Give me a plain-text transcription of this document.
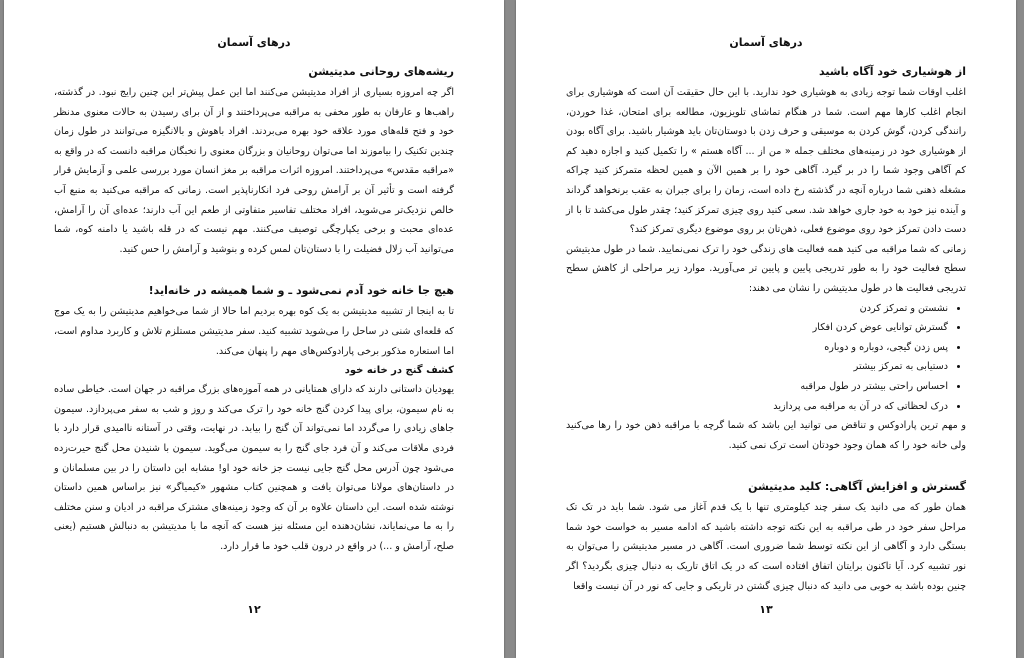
درهای آسمان
ریشه‌های روحانی مدیتیشن

اگر چه امروزه بسیاری از افراد مدیتیشن می‌کنند اما این عمل پیش‌تر این چنین رایج نبود. در گذشته، راهب‌ها و عارفان به طور مخفی به مراقبه می‌پرداختند و از آن برای رسیدن به حالات معنوی مدنظر خود و فتح قله‌های مورد علاقه خود بهره می‌بردند. افراد باهوش و بالانگیزه می‌توانند در طول زمان چندین تکنیک را بیاموزند اما می‌توان روحانیان و بزرگان معنوی را نخبگان مراقبه دانست که در واقع به «مراقبه مقدس» می‌پرداختند. امروزه اثرات مراقبه بر مغز انسان مورد بررسی علمی و آزمایش قرار گرفته است و تأثیر آن بر آرامش روحی فرد انکارناپذیر است. زمانی که مراقبه می‌کنید به منبع آب خالص نزدیک‌تر می‌شوید، افراد مختلف تفاسیر متفاوتی از طعم این آب دارند؛ عده‌ای آن را آرامش، عده‌ای محبت و برخی یکپارچگی توصیف می‌کنند. مهم نیست که در قله باشید یا دامنه کوه، شما می‌توانید آب زلال فضیلت را با دستان‌تان لمس کرده و بنوشید و آرامش را حس کنید.

هیچ جا خانه خود آدم نمی‌شود ـ و شما همیشه در خانه‌اید!

تا به اینجا از تشبیه مدیتیشن به یک کوه بهره بردیم اما حالا از شما می‌خواهیم مدیتیشن را به یک موج که قلعه‌ای شنی در ساحل را می‌شوید تشبیه کنید. سفر مدیتیشن مستلزم تلاش و کاربرد مداوم است، اما استعاره مذکور برخی پارادوکس‌های مهم را پنهان می‌کند.

کشف گنج در خانه خود

یهودیان داستانی دارند که دارای همتایانی در همه آموزه‌های بزرگ مراقبه در جهان است. خیاطی ساده به نام سیمون، برای پیدا کردن گنج خانه خود را ترک می‌کند و روز و شب به سفر می‌پردازد. سیمون جاهای زیادی را می‌گردد اما نمی‌تواند آن گنج را بیابد. در نهایت، وقتی در آستانه ناامیدی قرار دارد با فردی ملاقات می‌کند و آن فرد جای گنج را به سیمون می‌گوید. سیمون با شنیدن محل گنج حیرت‌زده می‌شود چون آدرس محل گنج جایی نیست جز خانه خود او! مشابه این داستان را در بین مسلمانان و در داستان‌های مولانا می‌توان یافت و همچنین کتاب مشهور «کیمیاگر» نیز براساس همین داستان نوشته شده است. این داستان علاوه بر آن که وجود زمینه‌های مشترک مراقبه در ادیان و سنن مختلف را به ما می‌نمایاند، نشان‌دهنده این مسئله نیز هست که آنچه ما با مدیتیشن به دنبالش هستیم (یعنی صلح، آرامش و ...) در واقع در درون قلب خود ما قرار دارد.

۱۲
درهای آسمان
از هوشیاری خود آگاه باشید

اغلب اوقات شما توجه زیادی به هوشیاری خود ندارید. با این حال حقیقت آن است که هوشیاری برای انجام اغلب کارها مهم است. شما در هنگام تماشای تلویزیون، مطالعه برای امتحان، غذا خوردن، رانندگی کردن، گوش کردن به موسیقی و حرف زدن با دوستان‌تان باید هوشیار باشید. برای آگاه بودن از هوشیاری خود در زمینه‌های مختلف جمله « من از ... آگاه هستم » را تکمیل کنید و اجازه دهید کم کم آگاهی وجود شما را در بر گیرد. آگاهی خود را بر همین الآن و همین لحظه متمرکز کنید چراکه مشغله ذهنی شما درباره آنچه در گذشته رخ داده است، زمان را برای جبران به عقب برنخواهد گرداند و آینده نیز خود به خود جاری خواهد شد. سعی کنید روی چیزی تمرکز کنید؛ چقدر طول می‌کشد تا با از دست دادن تمرکز خود روی موضوع فعلی، ذهن‌تان بر روی موضوع دیگری تمرکز کند؟

زمانی که شما مراقبه می کنید همه فعالیت های زندگی خود را ترک نمی‌نمایید. شما در طول مدیتیشن سطح فعالیت خود را به طور تدریجی پایین و پایین تر می‌آورید. موارد زیر مراحلی از کاهش سطح تدریجی فعالیت ها در طول مدیتیشن را نشان می دهند:

• نشستن و تمرکز کردن
• گسترش توانایی عوض کردن افکار
• پس زدن گیجی، دوباره و دوباره
• دستیابی به تمرکز بیشتر
• احساس راحتی بیشتر در طول مراقبه
• درک لحظاتی که در آن به مراقبه می پردازید

و مهم ترین پارادوکس و تناقض می توانید این باشد که شما گرچه با مراقبه ذهن خود را رها می‌کنید ولی خانه خود را که همان وجود خودتان است ترک نمی کنید.

گسترش و افزایش آگاهی: کلید مدیتیشن

همان طور که می دانید یک سفر چند کیلومتری تنها با یک قدم آغاز می شود. شما باید در تک تک مراحل سفر خود در طی مراقبه به این نکته توجه داشته باشید که ادامه مسیر به خواست خود شما بستگی دارد و آگاهی از این نکته توسط شما ضروری است. آگاهی در مسیر مدیتیشن را می‌توان به نور تشبیه کرد. آیا تاکنون برایتان اتفاق افتاده است که در یک اتاق تاریک به دنبال چیزی بگردید؟ اگر چنین بوده باشد به خوبی می دانید که دنبال چیزی گشتن در تاریکی و جایی که نور در آن نیست واقعا

۱۳
